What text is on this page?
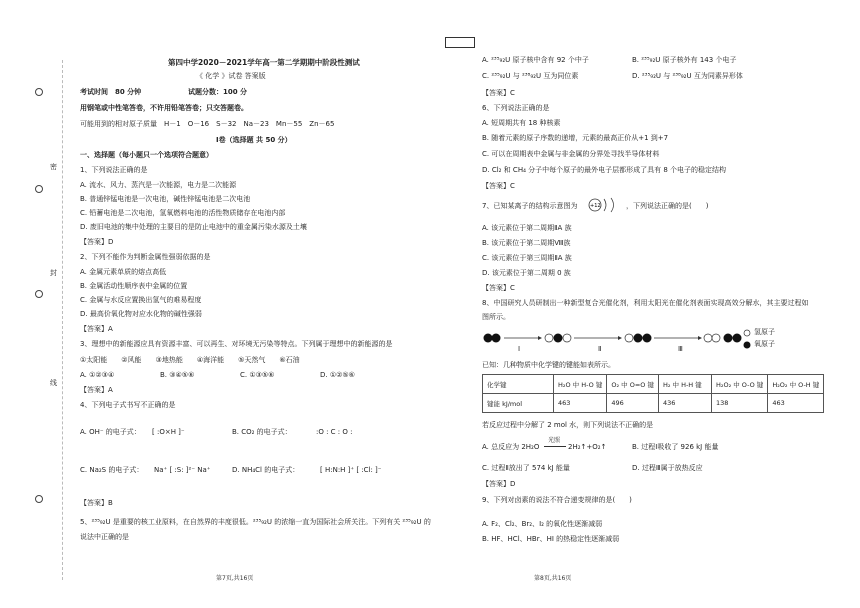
密
封
线
第四中学2020－2021学年高一第二学期期中阶段性测试
《 化学 》试卷 答案版
考试时间　80 分钟	试题分数：100 分
用钢笔或中性笔答卷，不许用铅笔答卷；只交答题卷。
可能用到的相对原子质量　H－1　O－16　S－32　Na－23　Mn－55　Zn－65
Ⅰ卷（选择题 共 50 分）
一、选择题（每小题只一个选项符合题意）
1、下列说法正确的是
A. 流水、风力、蒸汽是一次能源，电力是二次能源
B. 普通锌锰电池是一次电池，碱性锌锰电池是二次电池
C. 铅蓄电池是二次电池，氢氧燃料电池的活性物质储存在电池内部
D. 废旧电池的集中处理的主要目的是防止电池中的重金属污染水源及土壤
【答案】D
2、下列不能作为判断金属性强弱依据的是
A. 金属元素单质的熔点高低
B. 金属活动性顺序表中金属的位置
C. 金属与水反应置换出氢气的难易程度
D. 最高价氧化物对应水化物的碱性强弱
【答案】A
3、理想中的新能源应具有资源丰富、可以再生、对环境无污染等特点。下列属于理想中的新能源的是
①太阳能　　②风能　　③地热能　　④海洋能　　⑤天然气　　⑥石油
A. ①②③④	B. ③④⑤⑥	C. ①③⑤⑥	D. ①②⑤⑥
【答案】A
4、下列电子式书写不正确的是
A. OH⁻ 的电子式： [ :O×H ]⁻	B. CO₂ 的电子式：	:O : C : O :
C. Na₂S 的电子式： Na⁺ [ :S: ]²⁻ Na⁺	D. NH₄Cl 的电子式：	[ H:N:H ]⁺ [ :Cl: ]⁻
【答案】B
5、²³⁵₉₂U 是重要的核工业原料，在自然界的丰度很低。²³⁵₉₂U 的浓缩一直为国际社会所关注。下列有关 ²³⁵₉₂U 的
说法中正确的是
第7页,共16页
A. ²³⁵₉₂U 原子核中含有 92 个中子	B. ²³⁵₉₂U 原子核外有 143 个电子
C. ²³⁵₉₂U 与 ²³⁸₉₂U 互为同位素	D. ²³⁵₉₂U 与 ²³⁸₉₂U 互为同素异形体
【答案】C
6、下列说法正确的是
A. 短周期共有 18 种核素
B. 随着元素的原子序数的递增，元素的最高正价从+1 到+7
C. 可以在周期表中金属与非金属的分界处寻找半导体材料
D. Cl₂ 和 CH₄ 分子中每个原子的最外电子层都形成了具有 8 个电子的稳定结构
【答案】C
7、已知某离子的结构示意图为	+12	，下列说法正确的是(　　)
A. 该元素位于第二周期ⅡA 族
B. 该元素位于第二周期Ⅷ族
C. 该元素位于第三周期ⅡA 族
D. 该元素位于第二周期 0 族
【答案】C
8、中国研究人员研制出一种新型复合光催化剂，利用太阳光在催化剂表面实现高效分解水，其主要过程如
图所示。
Ⅰ	Ⅱ	Ⅲ
氢原子
氧原子
已知：几种物质中化学键的键能如表所示。
化学键	H₂O 中 H-O 键	O₂ 中 O=O 键	H₂ 中 H-H 键	H₂O₂ 中 O-O 键	H₂O₂ 中 O-H 键
键能 kJ/mol	463	496	436	138	463
若反应过程中分解了 2 mol 水，则下列说法不正确的是
A. 总反应为 2H₂O
光照
2H₂↑+O₂↑	B. 过程Ⅰ吸收了 926 kJ 能量
C. 过程Ⅱ放出了 574 kJ 能量	D. 过程Ⅲ属于放热反应
【答案】D
9、下列对卤素的说法不符合递变规律的是(　　)
A. F₂、Cl₂、Br₂、I₂ 的氧化性逐渐减弱
B. HF、HCl、HBr、HI 的热稳定性逐渐减弱
第8页,共16页
